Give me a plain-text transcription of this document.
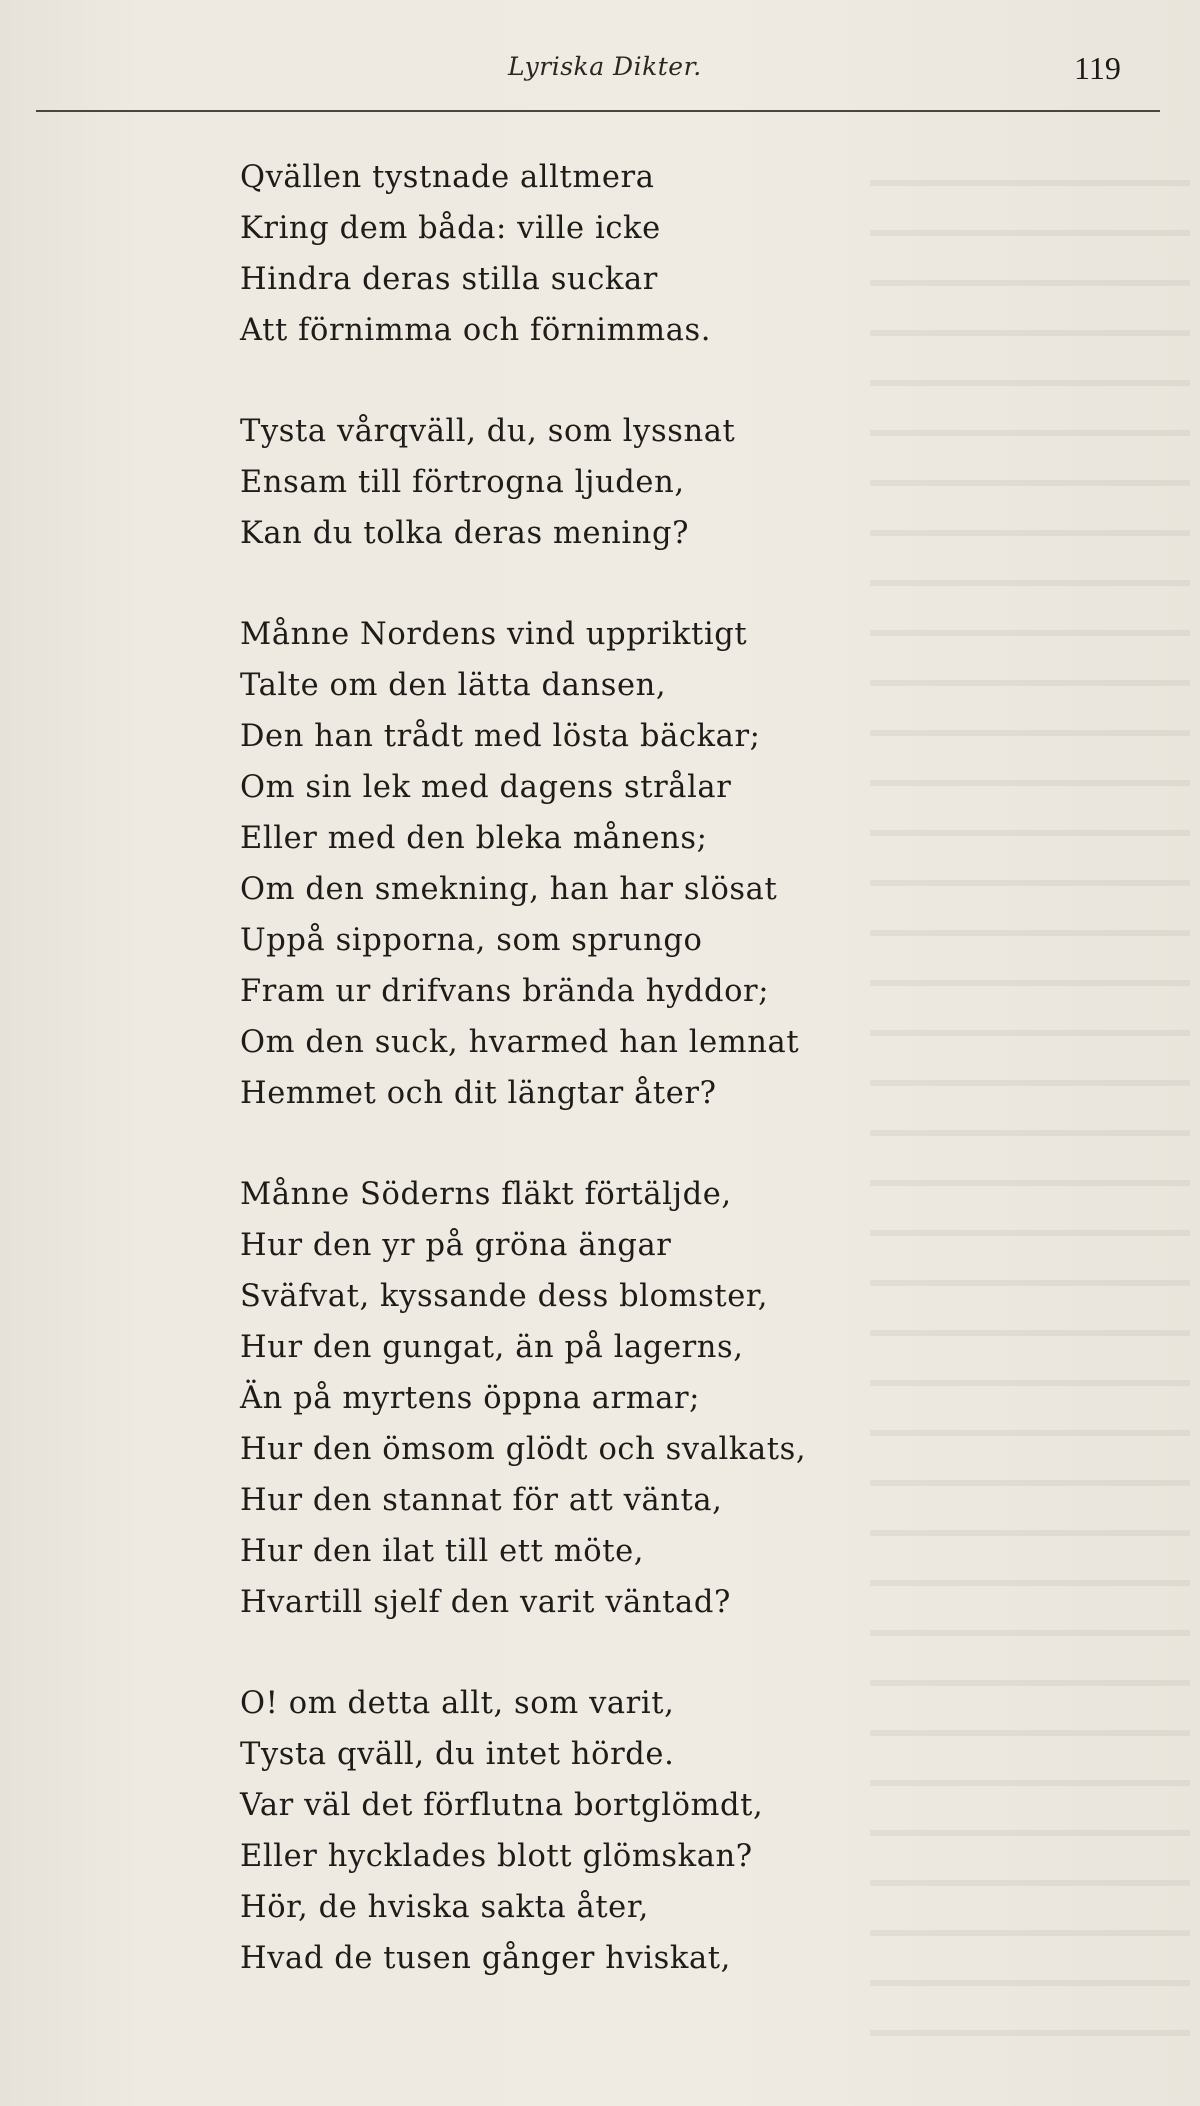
Lyriska Dikter.	119
Qvällen tystnade alltmera
Kring dem båda: ville icke
Hindra deras stilla suckar
Att förnimma och förnimmas.
Tysta vårqväll, du, som lyssnat
Ensam till förtrogna ljuden,
Kan du tolka deras mening?
Månne Nordens vind uppriktigt
Talte om den lätta dansen,
Den han trådt med lösta bäckar;
Om sin lek med dagens strålar
Eller med den bleka månens;
Om den smekning, han har slösat
Uppå sipporna, som sprungo
Fram ur drifvans brända hyddor;
Om den suck, hvarmed han lemnat
Hemmet och dit längtar åter?
Månne Söderns fläkt förtäljde,
Hur den yr på gröna ängar
Sväfvat, kyssande dess blomster,
Hur den gungat, än på lagerns,
Än på myrtens öppna armar;
Hur den ömsom glödt och svalkats,
Hur den stannat för att vänta,
Hur den ilat till ett möte,
Hvartill sjelf den varit väntad?
O! om detta allt, som varit,
Tysta qväll, du intet hörde.
Var väl det förflutna bortglömdt,
Eller hycklades blott glömskan?
Hör, de hviska sakta åter,
Hvad de tusen gånger hviskat,
